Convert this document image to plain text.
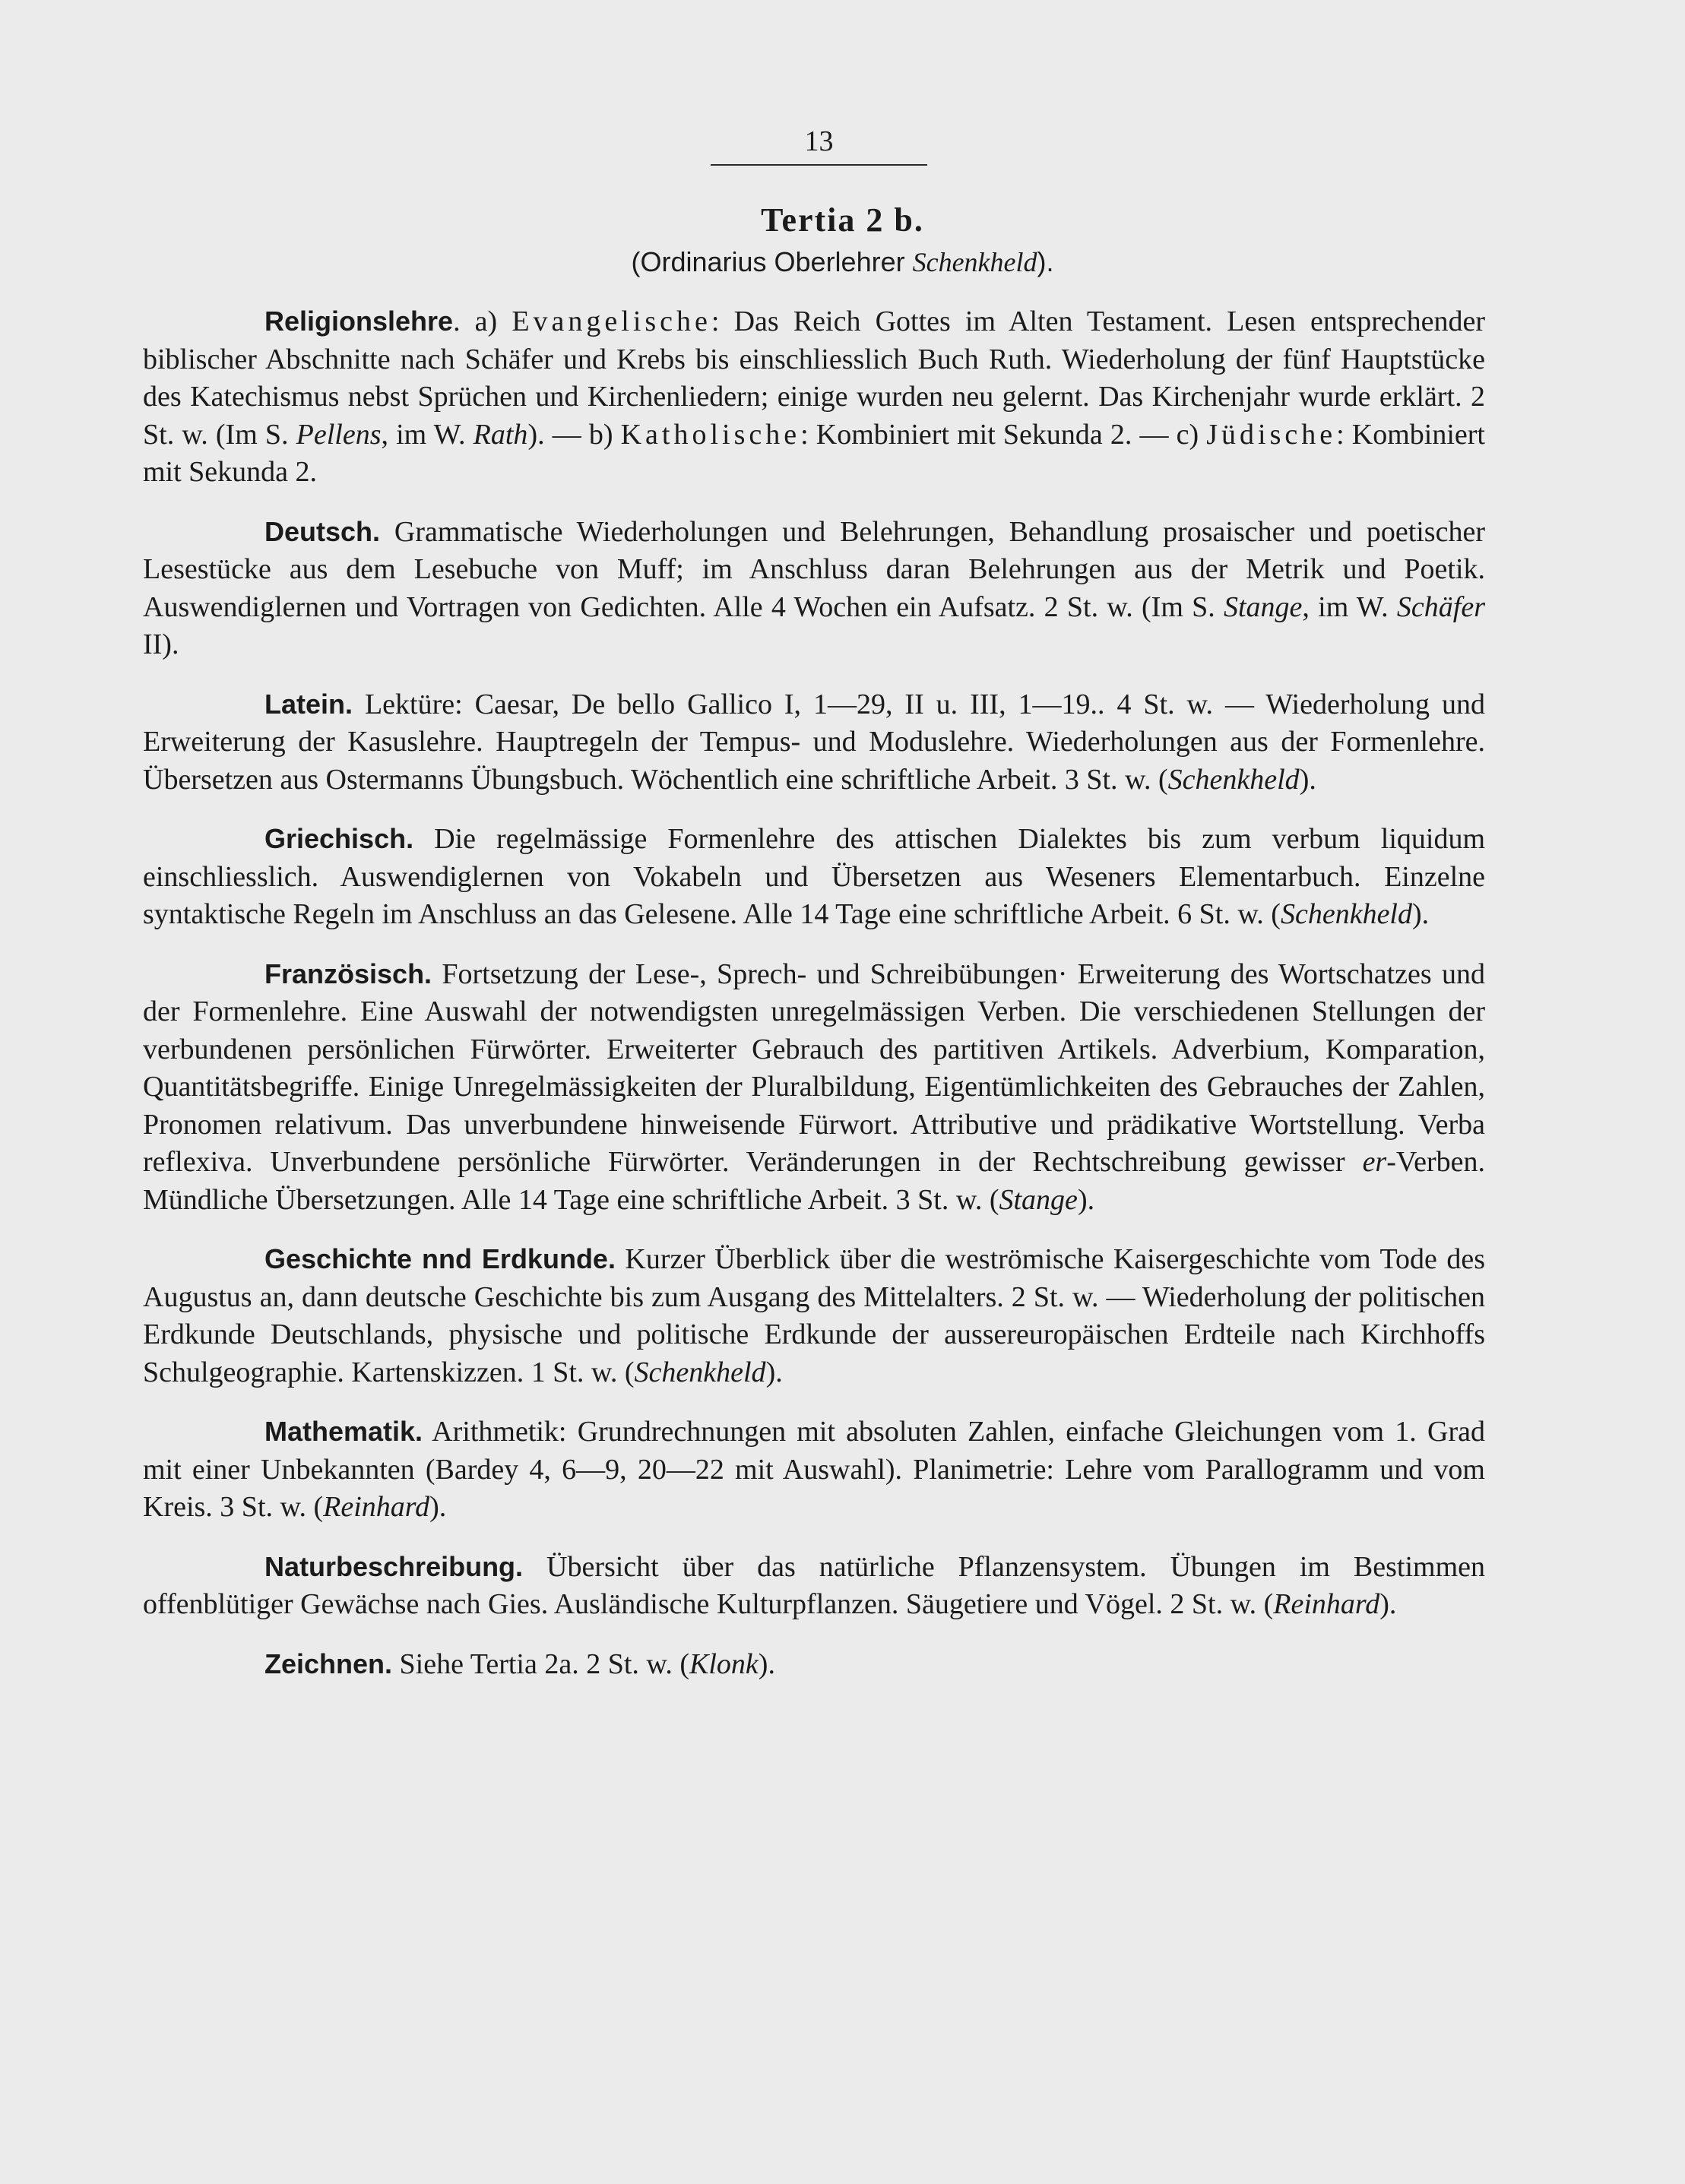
13
Tertia 2 b.
(Ordinarius Oberlehrer Schenkheld).

Religionslehre. a) Evangelische: Das Reich Gottes im Alten Testament. Lesen entsprechender biblischer Abschnitte nach Schäfer und Krebs bis einschliesslich Buch Ruth. Wiederholung der fünf Hauptstücke des Katechismus nebst Sprüchen und Kirchenliedern; einige wurden neu gelernt. Das Kirchenjahr wurde erklärt. 2 St. w. (Im S. Pellens, im W. Rath). — b) Katholische: Kombiniert mit Sekunda 2. — c) Jüdische: Kombiniert mit Sekunda 2.

Deutsch. Grammatische Wiederholungen und Belehrungen, Behandlung prosaischer und poetischer Lesestücke aus dem Lesebuche von Muff; im Anschluss daran Belehrungen aus der Metrik und Poetik. Auswendiglernen und Vortragen von Gedichten. Alle 4 Wochen ein Aufsatz. 2 St. w. (Im S. Stange, im W. Schäfer II).

Latein. Lektüre: Caesar, De bello Gallico I, 1—29, II u. III, 1—19.. 4 St. w. — Wiederholung und Erweiterung der Kasuslehre. Hauptregeln der Tempus- und Moduslehre. Wiederholungen aus der Formenlehre. Übersetzen aus Ostermanns Übungsbuch. Wöchentlich eine schriftliche Arbeit. 3 St. w. (Schenkheld).

Griechisch. Die regelmässige Formenlehre des attischen Dialektes bis zum verbum liquidum einschliesslich. Auswendiglernen von Vokabeln und Übersetzen aus Weseners Elementarbuch. Einzelne syntaktische Regeln im Anschluss an das Gelesene. Alle 14 Tage eine schriftliche Arbeit. 6 St. w. (Schenkheld).

Französisch. Fortsetzung der Lese-, Sprech- und Schreibübungen· Erweiterung des Wortschatzes und der Formenlehre. Eine Auswahl der notwendigsten unregelmässigen Verben. Die verschiedenen Stellungen der verbundenen persönlichen Fürwörter. Erweiterter Gebrauch des partitiven Artikels. Adverbium, Komparation, Quantitätsbegriffe. Einige Unregelmässigkeiten der Pluralbildung, Eigentümlichkeiten des Gebrauches der Zahlen, Pronomen relativum. Das unverbundene hinweisende Fürwort. Attributive und prädikative Wortstellung. Verba reflexiva. Unverbundene persönliche Fürwörter. Veränderungen in der Rechtschreibung gewisser er-Verben. Mündliche Übersetzungen. Alle 14 Tage eine schriftliche Arbeit. 3 St. w. (Stange).

Geschichte nnd Erdkunde. Kurzer Überblick über die weströmische Kaisergeschichte vom Tode des Augustus an, dann deutsche Geschichte bis zum Ausgang des Mittelalters. 2 St. w. — Wiederholung der politischen Erdkunde Deutschlands, physische und politische Erdkunde der aussereuropäischen Erdteile nach Kirchhoffs Schulgeographie. Kartenskizzen. 1 St. w. (Schenkheld).

Mathematik. Arithmetik: Grundrechnungen mit absoluten Zahlen, einfache Gleichungen vom 1. Grad mit einer Unbekannten (Bardey 4, 6—9, 20—22 mit Auswahl). Planimetrie: Lehre vom Parallogramm und vom Kreis. 3 St. w. (Reinhard).

Naturbeschreibung. Übersicht über das natürliche Pflanzensystem. Übungen im Bestimmen offenblütiger Gewächse nach Gies. Ausländische Kulturpflanzen. Säugetiere und Vögel. 2 St. w. (Reinhard).

Zeichnen. Siehe Tertia 2a. 2 St. w. (Klonk).
